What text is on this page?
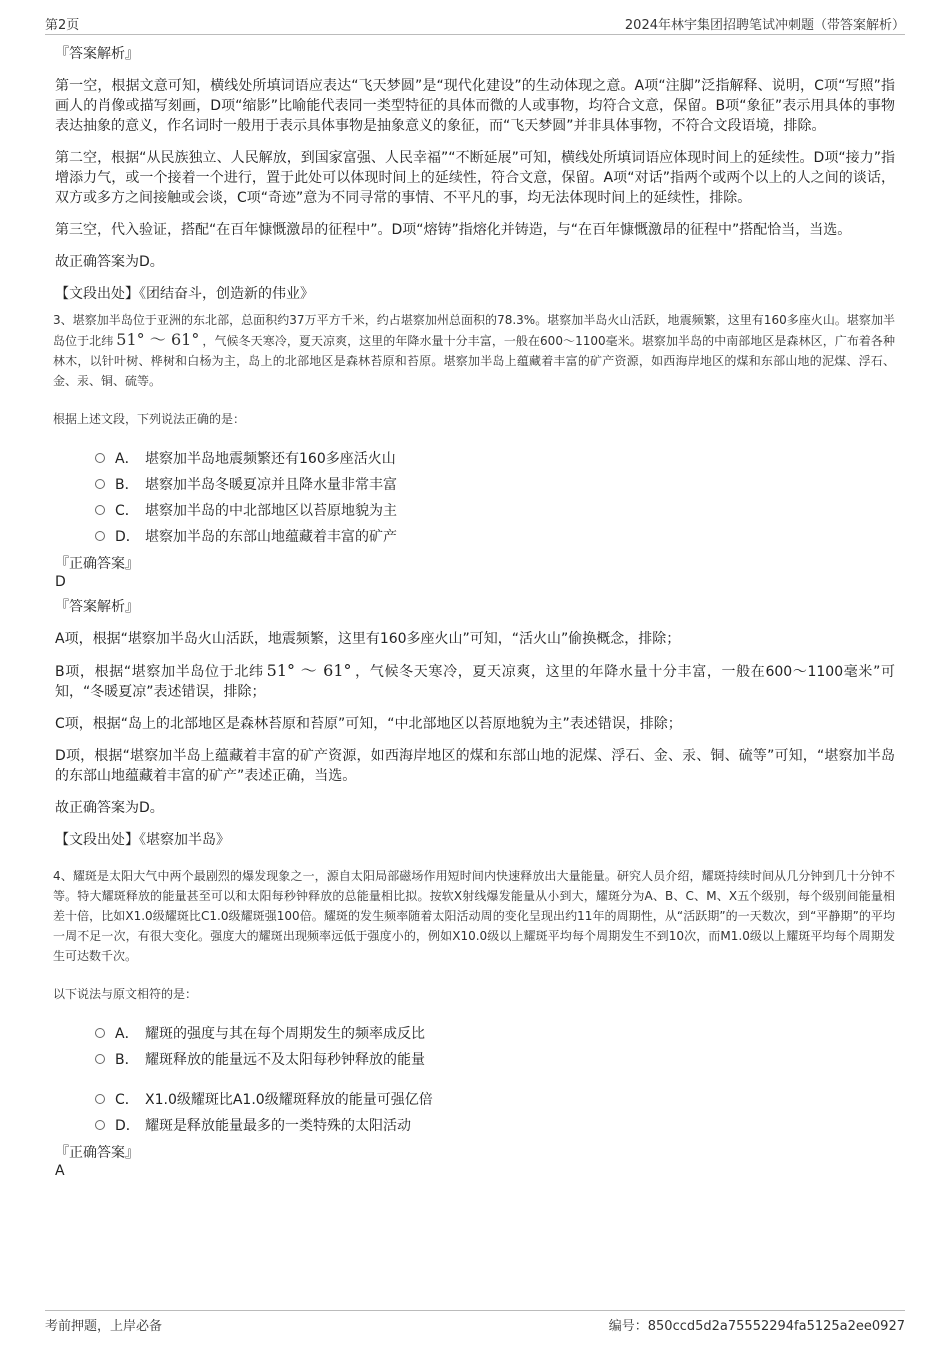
第2页	2024年林宇集团招聘笔试冲刺题（带答案解析）
『答案解析』

第一空，根据文意可知，横线处所填词语应表达“飞天梦圆”是“现代化建设”的生动体现之意。A项“注脚”泛指解释、说明，C项“写照”指画人的肖像或描写刻画，D项“缩影”比喻能代表同一类型特征的具体而微的人或事物，均符合文意，保留。B项“象征”表示用具体的事物表达抽象的意义，作名词时一般用于表示具体事物是抽象意义的象征，而“飞天梦圆”并非具体事物，不符合文段语境，排除。

第二空，根据“从民族独立、人民解放，到国家富强、人民幸福”“不断延展”可知，横线处所填词语应体现时间上的延续性。D项“接力”指增添力气，或一个接着一个进行，置于此处可以体现时间上的延续性，符合文意，保留。A项“对话”指两个或两个以上的人之间的谈话，双方或多方之间接触或会谈，C项“奇迹”意为不同寻常的事情、不平凡的事，均无法体现时间上的延续性，排除。

第三空，代入验证，搭配“在百年慷慨激昂的征程中”。D项“熔铸”指熔化并铸造，与“在百年慷慨激昂的征程中”搭配恰当，当选。

故正确答案为D。

【文段出处】《团结奋斗，创造新的伟业》

3、堪察加半岛位于亚洲的东北部，总面积约37万平方千米，约占堪察加州总面积的78.3%。堪察加半岛火山活跃，地震频繁，这里有160多座火山。堪察加半岛位于北纬 51° ～ 61° ，气候冬天寒冷，夏天凉爽，这里的年降水量十分丰富，一般在600～1100毫米。堪察加半岛的中南部地区是森林区，广布着各种林木，以针叶树、桦树和白杨为主，岛上的北部地区是森林苔原和苔原。堪察加半岛上蕴藏着丰富的矿产资源，如西海岸地区的煤和东部山地的泥煤、浮石、金、汞、铜、硫等。

根据上述文段，下列说法正确的是：
A． 堪察加半岛地震频繁还有160多座活火山
B． 堪察加半岛冬暖夏凉并且降水量非常丰富
C． 堪察加半岛的中北部地区以苔原地貌为主
D． 堪察加半岛的东部山地蕴藏着丰富的矿产
『正确答案』
D
『答案解析』

A项，根据“堪察加半岛火山活跃，地震频繁，这里有160多座火山”可知，“活火山”偷换概念，排除；

B项，根据“堪察加半岛位于北纬 51° ～ 61° ，气候冬天寒冷，夏天凉爽，这里的年降水量十分丰富，一般在600～1100毫米”可知，“冬暖夏凉”表述错误，排除；

C项，根据“岛上的北部地区是森林苔原和苔原”可知，“中北部地区以苔原地貌为主”表述错误，排除；

D项，根据“堪察加半岛上蕴藏着丰富的矿产资源，如西海岸地区的煤和东部山地的泥煤、浮石、金、汞、铜、硫等”可知，“堪察加半岛的东部山地蕴藏着丰富的矿产”表述正确，当选。

故正确答案为D。

【文段出处】《堪察加半岛》

4、耀斑是太阳大气中两个最剧烈的爆发现象之一，源自太阳局部磁场作用短时间内快速释放出大量能量。研究人员介绍，耀斑持续时间从几分钟到几十分钟不等。特大耀斑释放的能量甚至可以和太阳每秒钟释放的总能量相比拟。按软X射线爆发能量从小到大，耀斑分为A、B、C、M、X五个级别，每个级别间能量相差十倍，比如X1.0级耀斑比C1.0级耀斑强100倍。耀斑的发生频率随着太阳活动周的变化呈现出约11年的周期性，从“活跃期”的一天数次，到“平静期”的平均一周不足一次，有很大变化。强度大的耀斑出现频率远低于强度小的，例如X10.0级以上耀斑平均每个周期发生不到10次，而M1.0级以上耀斑平均每个周期发生可达数千次。

以下说法与原文相符的是：
A． 耀斑的强度与其在每个周期发生的频率成反比
B． 耀斑释放的能量远不及太阳每秒钟释放的能量
C． X1.0级耀斑比A1.0级耀斑释放的能量可强亿倍
D． 耀斑是释放能量最多的一类特殊的太阳活动
『正确答案』
A
考前押题，上岸必备	编号：850ccd5d2a75552294fa5125a2ee0927
